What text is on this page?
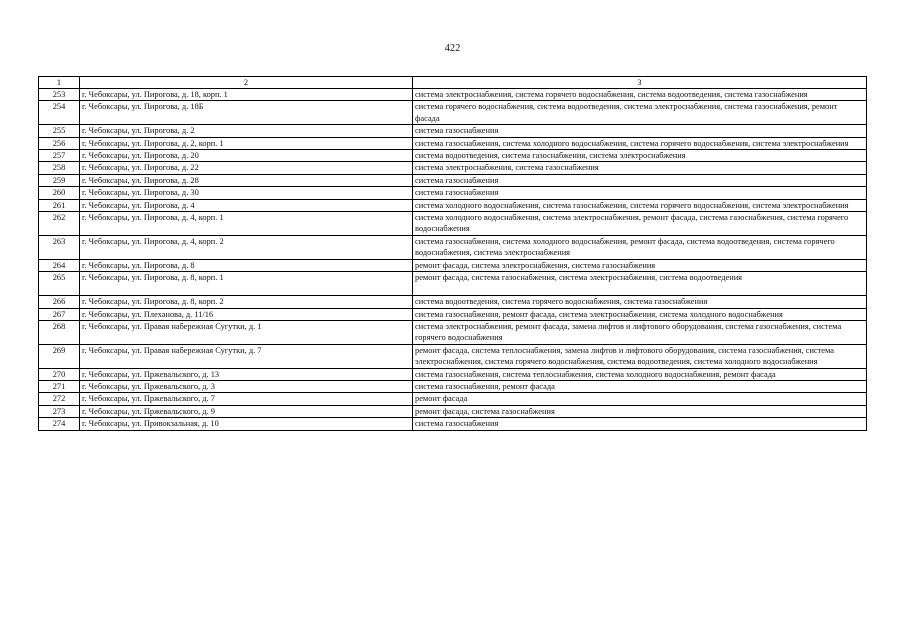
422
1	2	3
253	г. Чебоксары, ул. Пирогова, д. 18, корп. 1	система электроснабжения, система горячего водоснабжения, система водоотведения, система газоснабжения
254	г. Чебоксары, ул. Пирогова, д. 18Б	система горячего водоснабжения, система водоотведения, система электроснабжения, система газоснабжения, ремонт фасада
255	г. Чебоксары, ул. Пирогова, д. 2	система газоснабжения
256	г. Чебоксары, ул. Пирогова, д. 2, корп. 1	система газоснабжения, система холодного водоснабжения, система горячего водоснабжения, система электроснабжения
257	г. Чебоксары, ул. Пирогова, д. 20	система водоотведения, система газоснабжения, система электроснабжения
258	г. Чебоксары, ул. Пирогова, д. 22	система электроснабжения, система газоснабжения
259	г. Чебоксары, ул. Пирогова, д. 28	система газоснабжения
260	г. Чебоксары, ул. Пирогова, д. 30	система газоснабжения
261	г. Чебоксары, ул. Пирогова, д. 4	система холодного водоснабжения, система газоснабжения, система горячего водоснабжения, система электроснабжения
262	г. Чебоксары, ул. Пирогова, д. 4, корп. 1	система холодного водоснабжения, система электроснабжения, ремонт фасада, система газоснабжения, система горячего водоснабжения
263	г. Чебоксары, ул. Пирогова, д. 4, корп. 2	система газоснабжения, система холодного водоснабжения, ремонт фасада, система водоотведения, система горячего водоснабжения, система электроснабжения
264	г. Чебоксары, ул. Пирогова, д. 8	ремонт фасада, система электроснабжения, система газоснабжения
265	г. Чебоксары, ул. Пирогова, д. 8, корп. 1	ремонт фасада, система газоснабжения, система электроснабжения, система водоотведения
266	г. Чебоксары, ул. Пирогова, д. 8, корп. 2	система водоотведения, система горячего водоснабжения, система газоснабжения
267	г. Чебоксары, ул. Плеханова, д. 11/16	система газоснабжения, ремонт фасада, система электроснабжения, система холодного водоснабжения
268	г. Чебоксары, ул. Правая набережная Сугутки, д. 1	система электроснабжения, ремонт фасада, замена лифтов и лифтового оборудования, система газоснабжения, система горячего водоснабжения
269	г. Чебоксары, ул. Правая набережная Сугутки, д. 7	ремонт фасада, система теплоснабжения, замена лифтов и лифтового оборудования, система газоснабжения, система электроснабжения, система горячего водоснабжения, система водоотведения, система холодного водоснабжения
270	г. Чебоксары, ул. Пржевальского, д. 13	система газоснабжения, система теплоснабжения, система холодного водоснабжения, ремонт фасада
271	г. Чебоксары, ул. Пржевальского, д. 3	система газоснабжения, ремонт фасада
272	г. Чебоксары, ул. Пржевальского, д. 7	ремонт фасада
273	г. Чебоксары, ул. Пржевальского, д. 9	ремонт фасада, система газоснабжения
274	г. Чебоксары, ул. Привокзальная, д. 10	система газоснабжения
